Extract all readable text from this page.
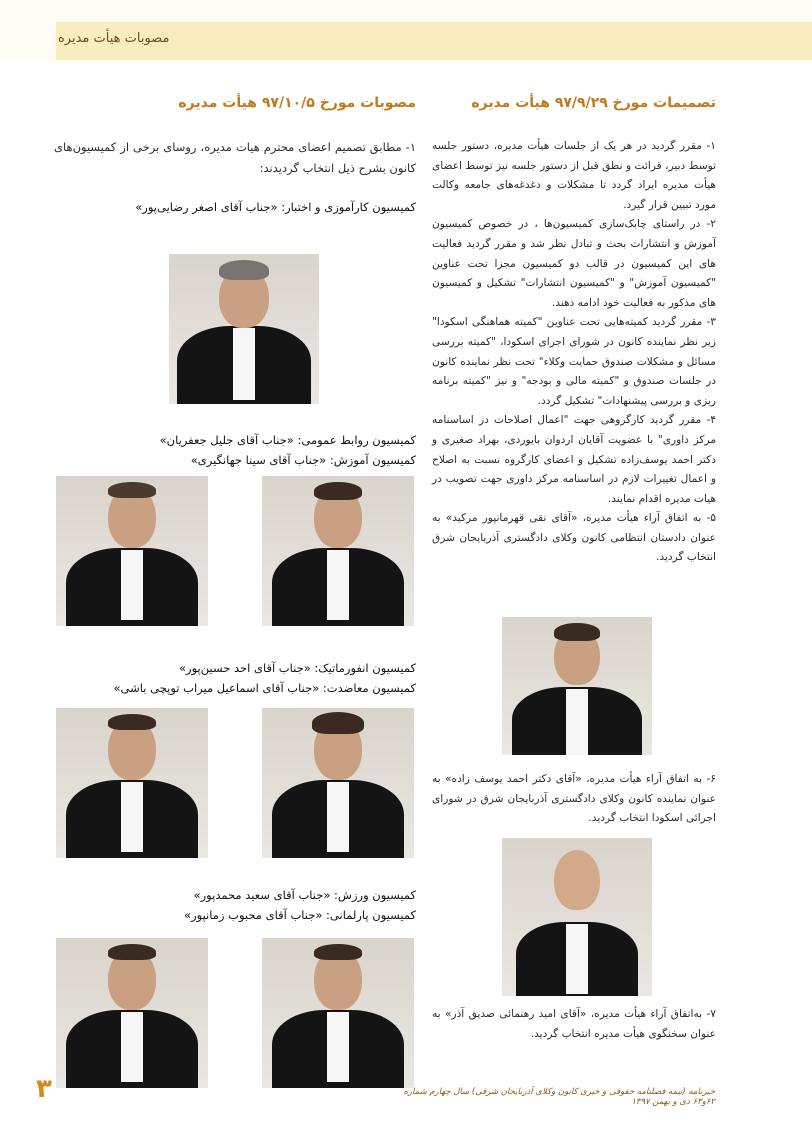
مصوبات هیأت مدیره
تصمیمات مورخ ۹۷/۹/۲۹ هیأت مدیره

۱- مقرر گردید در هر یک از جلسات هیأت مدیره، دستور جلسه توسط دبیر، قرائت و نطق قبل از دستور جلسه نیز توسط اعضای هیأت مدیره ایراد گردد تا مشکلات و دغدغه‌های جامعه وکالت مورد تبیین قرار گیرد.

۲- در راستای چابک‌سازی کمیسیون‌ها ، در خصوص کمیسیون آموزش و انتشارات بحث و تبادل نظر شد و مقرر گردید فعالیت های این کمیسیون در قالب دو کمیسیون مجزا تحت عناوین "کمیسیون آموزش" و "کمیسیون انتشارات" تشکیل و کمیسیون های مذکور به فعالیت خود ادامه دهند.

۳- مقرر گردید کمیته‌هایی تحت عناوین "کمیته هماهنگی اسکودا" زیر نظر نماینده کانون در شورای اجرای اسکودا، "کمیته بررسی مسائل و مشکلات صندوق حمایت وکلاء" تحت نظر نماینده کانون در جلسات صندوق و "کمیته مالی و بودجه" و نیز "کمیته برنامه ریزی و بررسی پیشنهادات" تشکیل گردد.

۴- مقرر گردید کارگروهی جهت "اعمال اصلاحات در اساسنامه مرکز داوری" با عضویت آقایان اردوان بایوردی، بهراد صغیری و دکتر احمد یوسف‌زاده تشکیل و اعضای کارگروه نسبت به اصلاح و اعمال تغییرات لازم در اساسنامه مرکز داوری جهت تصویب در هیات مدیره اقدام نمایند.

۵- به اتفاق آراء هیأت مدیره، «آقای نقی قهرمانپور مرکید» به عنوان دادستان انتظامی کانون وکلای دادگستری آذربایجان شرق انتخاب گردید.

۶- به اتفاق آراء هیأت مدیره، «آقای دکتر احمد یوسف زاده» به عنوان نماینده کانون وکلای دادگستری آذربایجان شرق در شورای اجرائی اسکودا انتخاب گردید.
۷- به‌اتفاق آراء هیأت مدیره، «آقای امید رهنمائی صدیق آذر» به عنوان سخنگوی هیأت مدیره انتخاب گردید.
مصوبات مورخ ۹۷/۱۰/۵ هیأت مدیره

۱- مطابق تصمیم اعضای محترم هیات مدیره، روسای برخی از کمیسیون‌های کانون بشرح ذیل انتخاب گردیدند:

کمیسیون کارآموزی و اختبار: «جناب آقای اصغر رضایی‌پور»

کمیسیون روابط عمومی: «جناب آقای جلیل جعفریان»

کمیسیون آموزش: «جناب آقای سینا جهانگیری»

کمیسیون انفورماتیک: «جناب آقای احد حسین‌پور»

کمیسیون معاضدت: «جناب آقای اسماعیل میراب توپچی باشی»

کمیسیون ورزش: «جناب آقای سعید محمدپور»

کمیسیون پارلمانی: «جناب آقای محبوب زمانپور»

۳	خبرنامه (نیمه فصلنامه حقوقی و خبری کانون وکلای آذربایجان شرقی) سال چهارم شماره ۶۲و۶۳ دی و بهمن ۱۳۹۷
